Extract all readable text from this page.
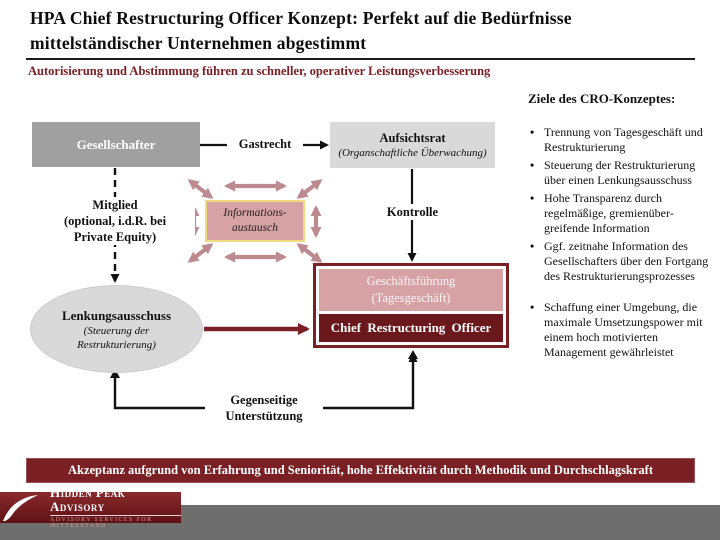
HPA Chief Restructuring Officer Konzept: Perfekt auf die Bedürfnisse mittelständischer Unternehmen abgestimmt
Autorisierung und Abstimmung führen zu schneller, operativer Leistungsverbesserung
Gesellschafter	Aufsichtsrat
(Organschaftliche Überwachung)
Informations-
austausch
Lenkungsausschuss
(Steuerung der
Restrukturierung)
Geschäftsführung
(Tagesgeschäft)
Chief Restructuring Officer
Gastrecht
Mitglied
(optional, i.d.R. bei
Private Equity)
Kontrolle
Gegenseitige
Unterstützung

Ziele des CRO-Konzeptes:

• Trennung von Tagesgeschäft und Restrukturierung
• Steuerung der Restrukturierung über einen Lenkungsausschuss
• Hohe Transparenz durch regelmäßige, gremienübergreifende Information
• Ggf. zeitnahe Information des Gesellschafters über den Fortgang des Restrukturierungsprozesses
• Schaffung einer Umgebung, die maximale Umsetzungspower mit einem hoch motivierten Management gewährleistet
Akzeptanz aufgrund von Erfahrung und Seniorität, hohe Effektivität durch Methodik und Durchschlagskraft
Hidden Peak Advisory
ADVISORY SERVICES FOR MITTELSTAND
